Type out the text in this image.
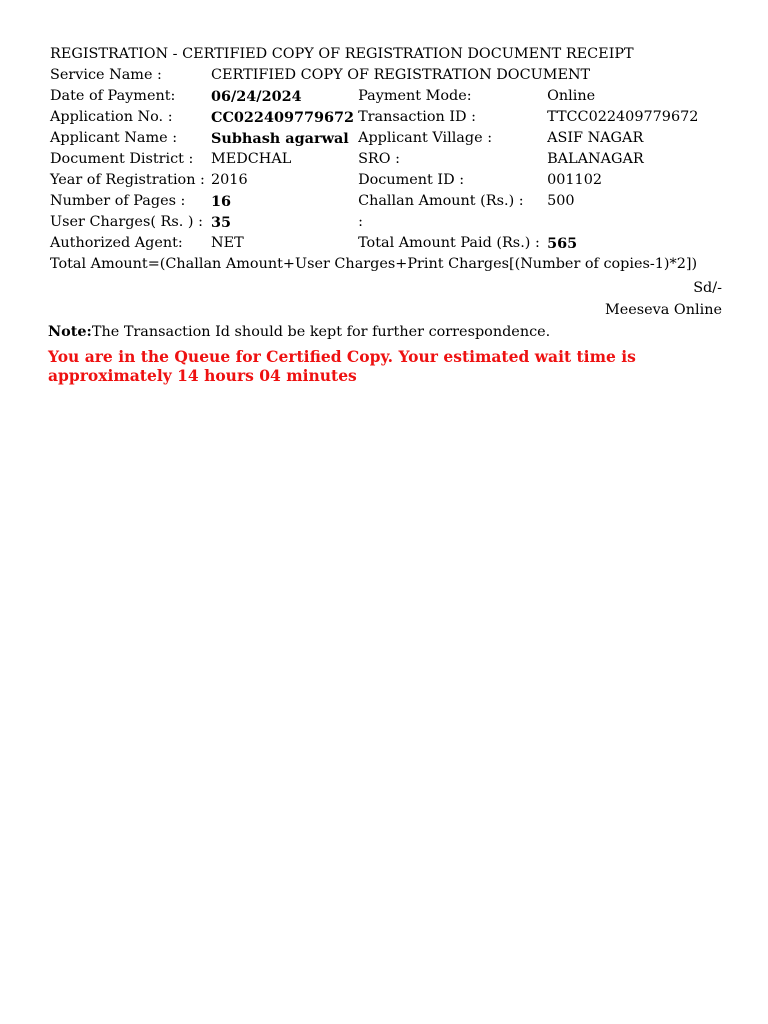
REGISTRATION - CERTIFIED COPY OF REGISTRATION DOCUMENT RECEIPT			
Service Name :	CERTIFIED COPY OF REGISTRATION DOCUMENT		
Date of Payment:	06/24/2024	Payment Mode:	Online
Application No. :	CC022409779672	Transaction ID :	TTCC022409779672
Applicant Name :	Subhash agarwal	Applicant Village :	ASIF NAGAR
Document District :	MEDCHAL	SRO :	BALANAGAR
Year of Registration :	2016	Document ID :	001102
Number of Pages :	16	Challan Amount (Rs.) :	500
User Charges( Rs. ) :	35	:	
Authorized Agent:	NET	Total Amount Paid (Rs.) :	565
Total Amount=(Challan Amount+User Charges+Print Charges[(Number of copies-1)*2])			
Sd/-
Meeseva Online
Note:The Transaction Id should be kept for further correspondence.
You are in the Queue for Certified Copy. Your estimated wait time is approximately 14 hours 04 minutes
